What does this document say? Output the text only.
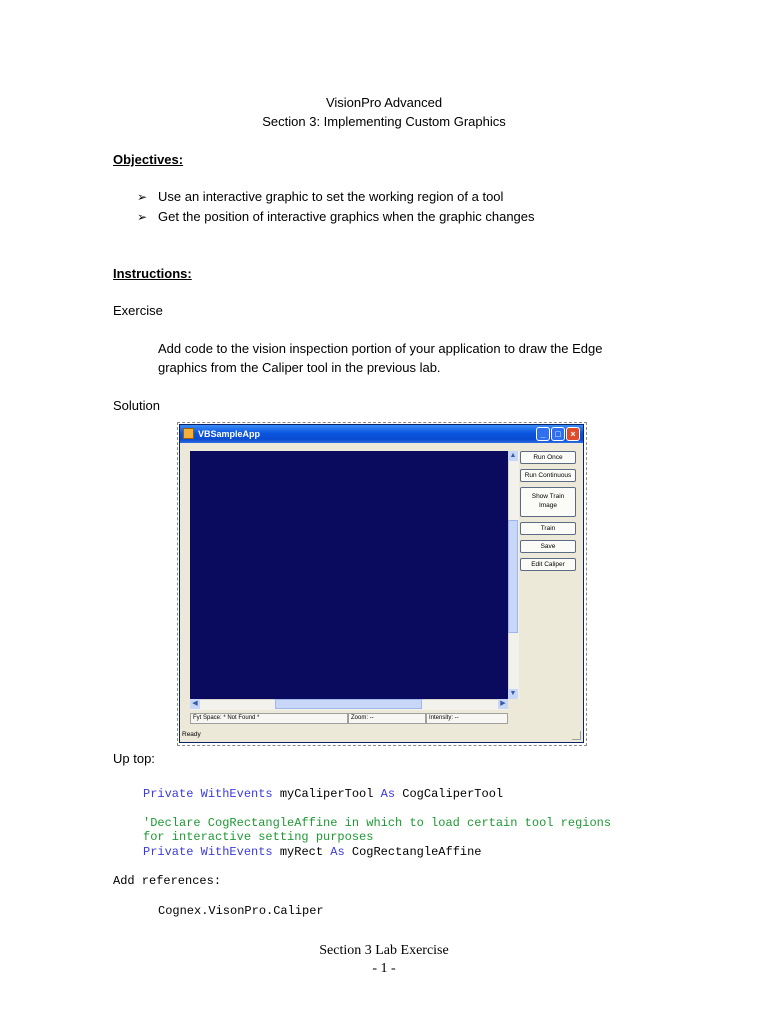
VisionPro Advanced
Section 3: Implementing Custom Graphics
Objectives:
➢ Use an interactive graphic to set the working region of a tool
➢ Get the position of interactive graphics when the graphic changes
Instructions:
Exercise
Add code to the vision inspection portion of your application to draw the Edge
graphics from the Caliper tool in the previous lab.
Solution
VBSampleApp	_	□	×
▲
▼
◀	▶
Run Once
Run Continuous
Show Train
Image
Train
Save
Edit Caliper
Fyt Space: * Not Found *	Zoom: --	Intensity: --
Ready
Up top:
Private WithEvents myCaliperTool As CogCaliperTool
'Declare CogRectangleAffine in which to load certain tool regions
for interactive setting purposes
Private WithEvents myRect As CogRectangleAffine
Add references:
Cognex.VisonPro.Caliper
Section 3 Lab Exercise
- 1 -
